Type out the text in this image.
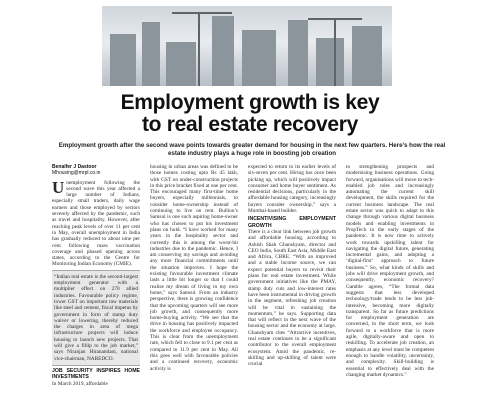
Employment growth is key
to real estate recovery
Employment growth after the second wave points towards greater demand for housing in the next few quarters. Here’s how the real estate industry plays a huge role in boosting job creation
Benaifer J Dastoor
Mhousing@mrpl.co.in

Unemployment following the second wave this year affected a large number of Indians, especially small traders, daily wage earners and those employed by sectors severely affected by the pandemic, such as travel and hospitality. However, after reaching peak levels of over 11 per cent in May, overall unemployment in India has gradually reduced to about nine per cent following mass vaccination coverage and phased opening across states, according to the Centre for Monitoring Indian Economy (CMIE).

“Indian real estate is the second-largest employment generator with a multiplier effect on 270 allied industries. Favourable policy regime, lower GST on important raw materials like steel and cement, fiscal impetus by government in form of stamp duty waiver or lowering, thereby reduced the charges in area of mega infrastructure projects will induce housing to launch new projects. That will give a fillip to the job market,” says Niranjan Hiranandani, national vice-chairman, NAREDCO.
JOB SECURITY INSPIRES HOME INVESTMENTS

In March 2019, affordable

housing in urban areas was defined to be those homes costing upto Rs 45 lakh, with GST on under-construction projects in this price bracket fixed at one per cent. This encouraged many first-time home buyers, especially millennials, to consider home-ownership instead of continuing to live on rent. Bullion’s Samsul is one such aspiring home-owner who has chosen to put his investment plans on hold. “I have worked for many years in the hospitality sector and currently this is among the worst-hit industries due to the pandemic. Hence, I am conserving my savings and avoiding any more financial commitments until the situation improves. I hope the existing favourable investment climate lasts a little bit longer so that I could realise my dream of living in my own home,” says Samsul. From an industry perspective, there is growing confidence that the upcoming quarters will see more job growth, and consequently more home-buying activity. “We see that the drive in housing has positively impacted the workforce and employee occupancy. This is clear from the unemployment rate, which fell to close to 9.1 per cent as compared to 11.9 per cent in May. All this goes well with favourable policies and a continued recovery, economic activity is

expected to return to its earlier levels of six-seven per cent. Hiring has once been picking up, which will positively impact consumer and home buyer sentiment. As residential decisions, particularly in the affordable housing category, increasingly buyers consider ownership,” says a Mumbai-based builder.

INCENTIVISING EMPLOYMENT GROWTH

There is a clear link between job growth and affordable housing, according to Ashish Shah Ghanshyam, director and CEO India, South East Asia, Middle East and Africa, CBRE. “With an improved and a stable income source, we can expect potential buyers to revisit their plans for real estate investment. While government initiatives like the PMAY, stamp duty cuts and low-interest rates have been instrumental in driving growth in the segment, refreshing job creation will be vital in sustaining the momentum,” he says. Supporting data that will reflect in the next wave of the housing sector and the economy at large. Ghanshyam cites “Attractive incentives, real estate continues to be a significant contributor to the overall employment ecosystem. Amid the pandemic, re-skilling and up-skilling of talent were crucial

to strengthening prospects and modernising business operations. Going forward, organisations will move to tech-enabled job roles and increasingly automating the current skill development, the skills required for the current business landscape. The real estate sector was quick to adapt to this change through various digital business models and enabling investments in PropTech in the early stages of the pandemic. It is now time to actively work towards upskilling talent for navigating the digital future, generating incremental gains, and adopting a ‘digital-first’ approach to future business.” So, what kinds of skills and jobs will drive employment growth, and consequently, economic recovery? Gamble agrees, “The formal data suggests that less developed technology/trade tends to be less job-intensive, becoming more digitally transparent. So far as future predictions for employment generation are concerned, in the short term, we look forward to a workforce that is more agile, digitally-aware and open to reskilling. To accelerate job creation, an emphasis at any level must be competent enough to handle volatility, uncertainty, and complexity. Skill-building is essential to effectively deal with the changing market dynamics.”
